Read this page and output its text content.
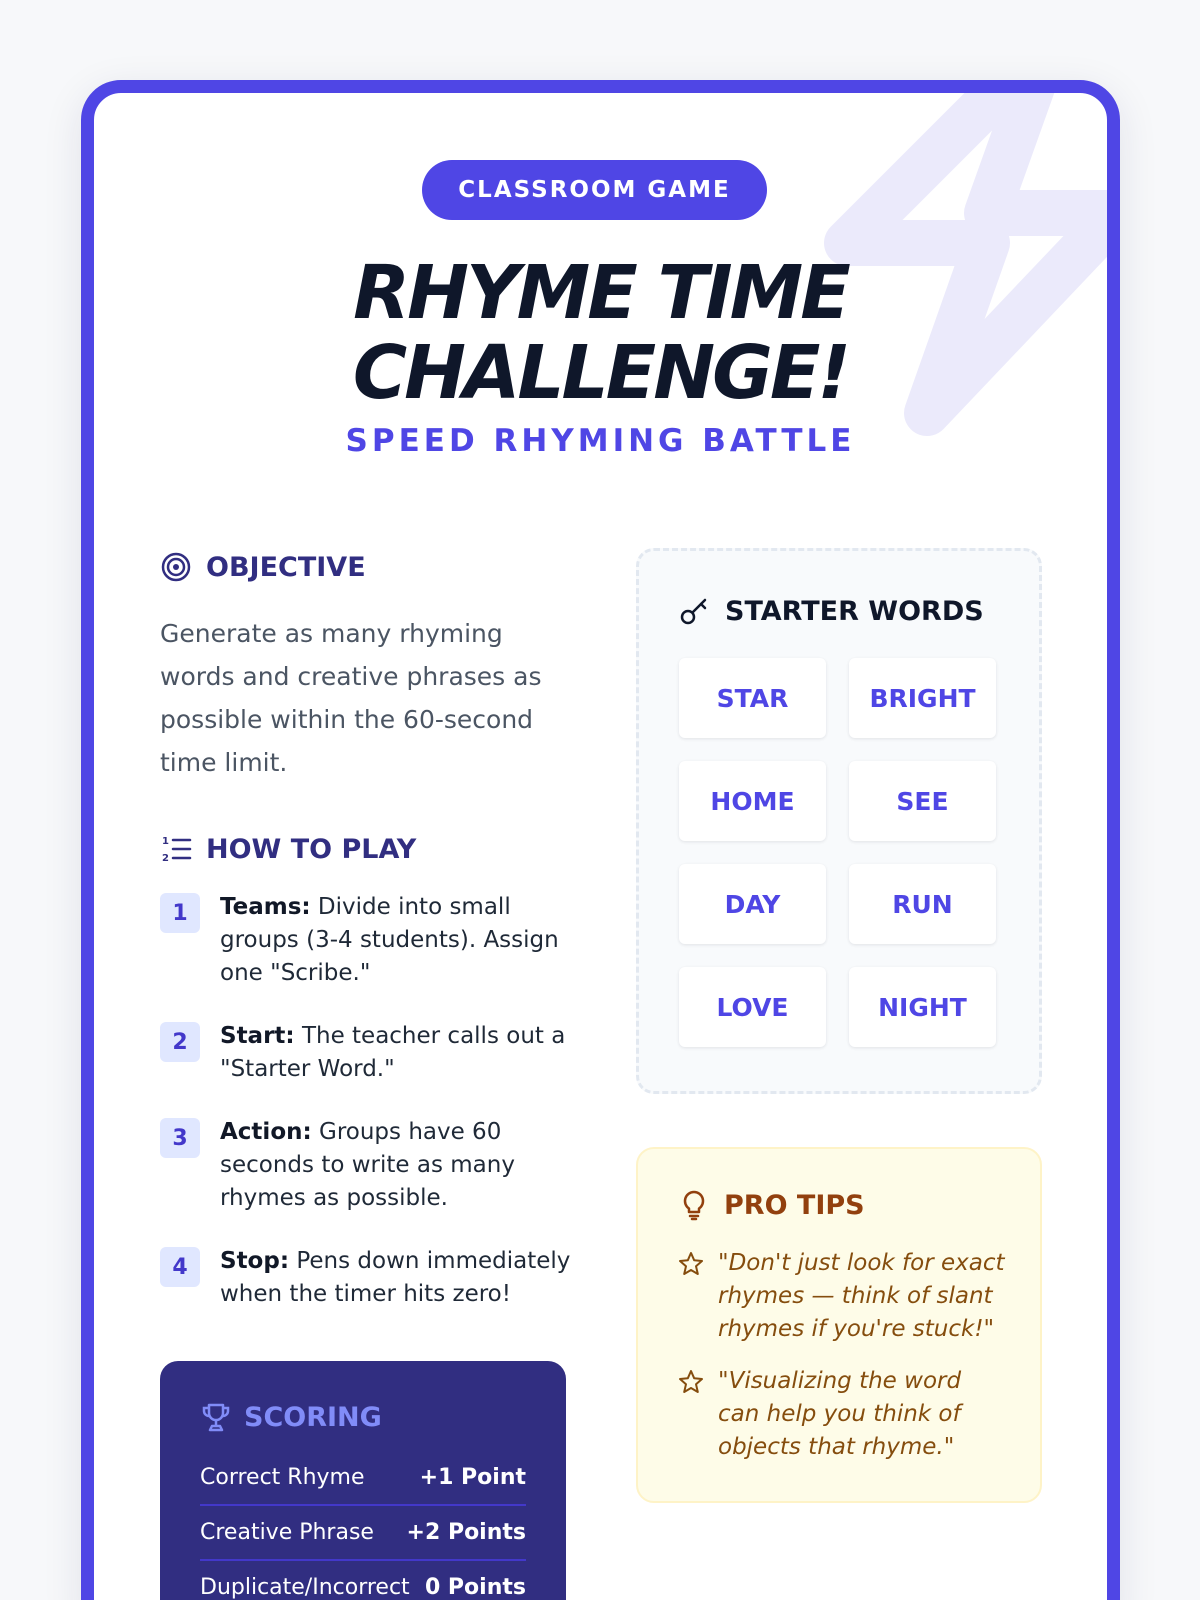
CLASSROOM GAME
RHYME TIME
CHALLENGE!
SPEED RHYMING BATTLE
OBJECTIVE
Generate as many rhyming words and creative phrases as possible within the 60-second time limit.
1
2 HOW TO PLAY
1	Teams: Divide into small groups (3-4 students). Assign one "Scribe."
2	Start: The teacher calls out a "Starter Word."
3	Action: Groups have 60 seconds to write as many rhymes as possible.
4	Stop: Pens down immediately when the timer hits zero!
SCORING
Correct Rhyme	+1 Point
Creative Phrase +2 Points
Duplicate/Incorrect 0 Points
STARTER WORDS
STAR	BRIGHT
HOME	SEE
DAY	RUN
LOVE	NIGHT
PRO TIPS
"Don't just look for exact rhymes — think of slant rhymes if you're stuck!"
"Visualizing the word can help you think of objects that rhyme."
